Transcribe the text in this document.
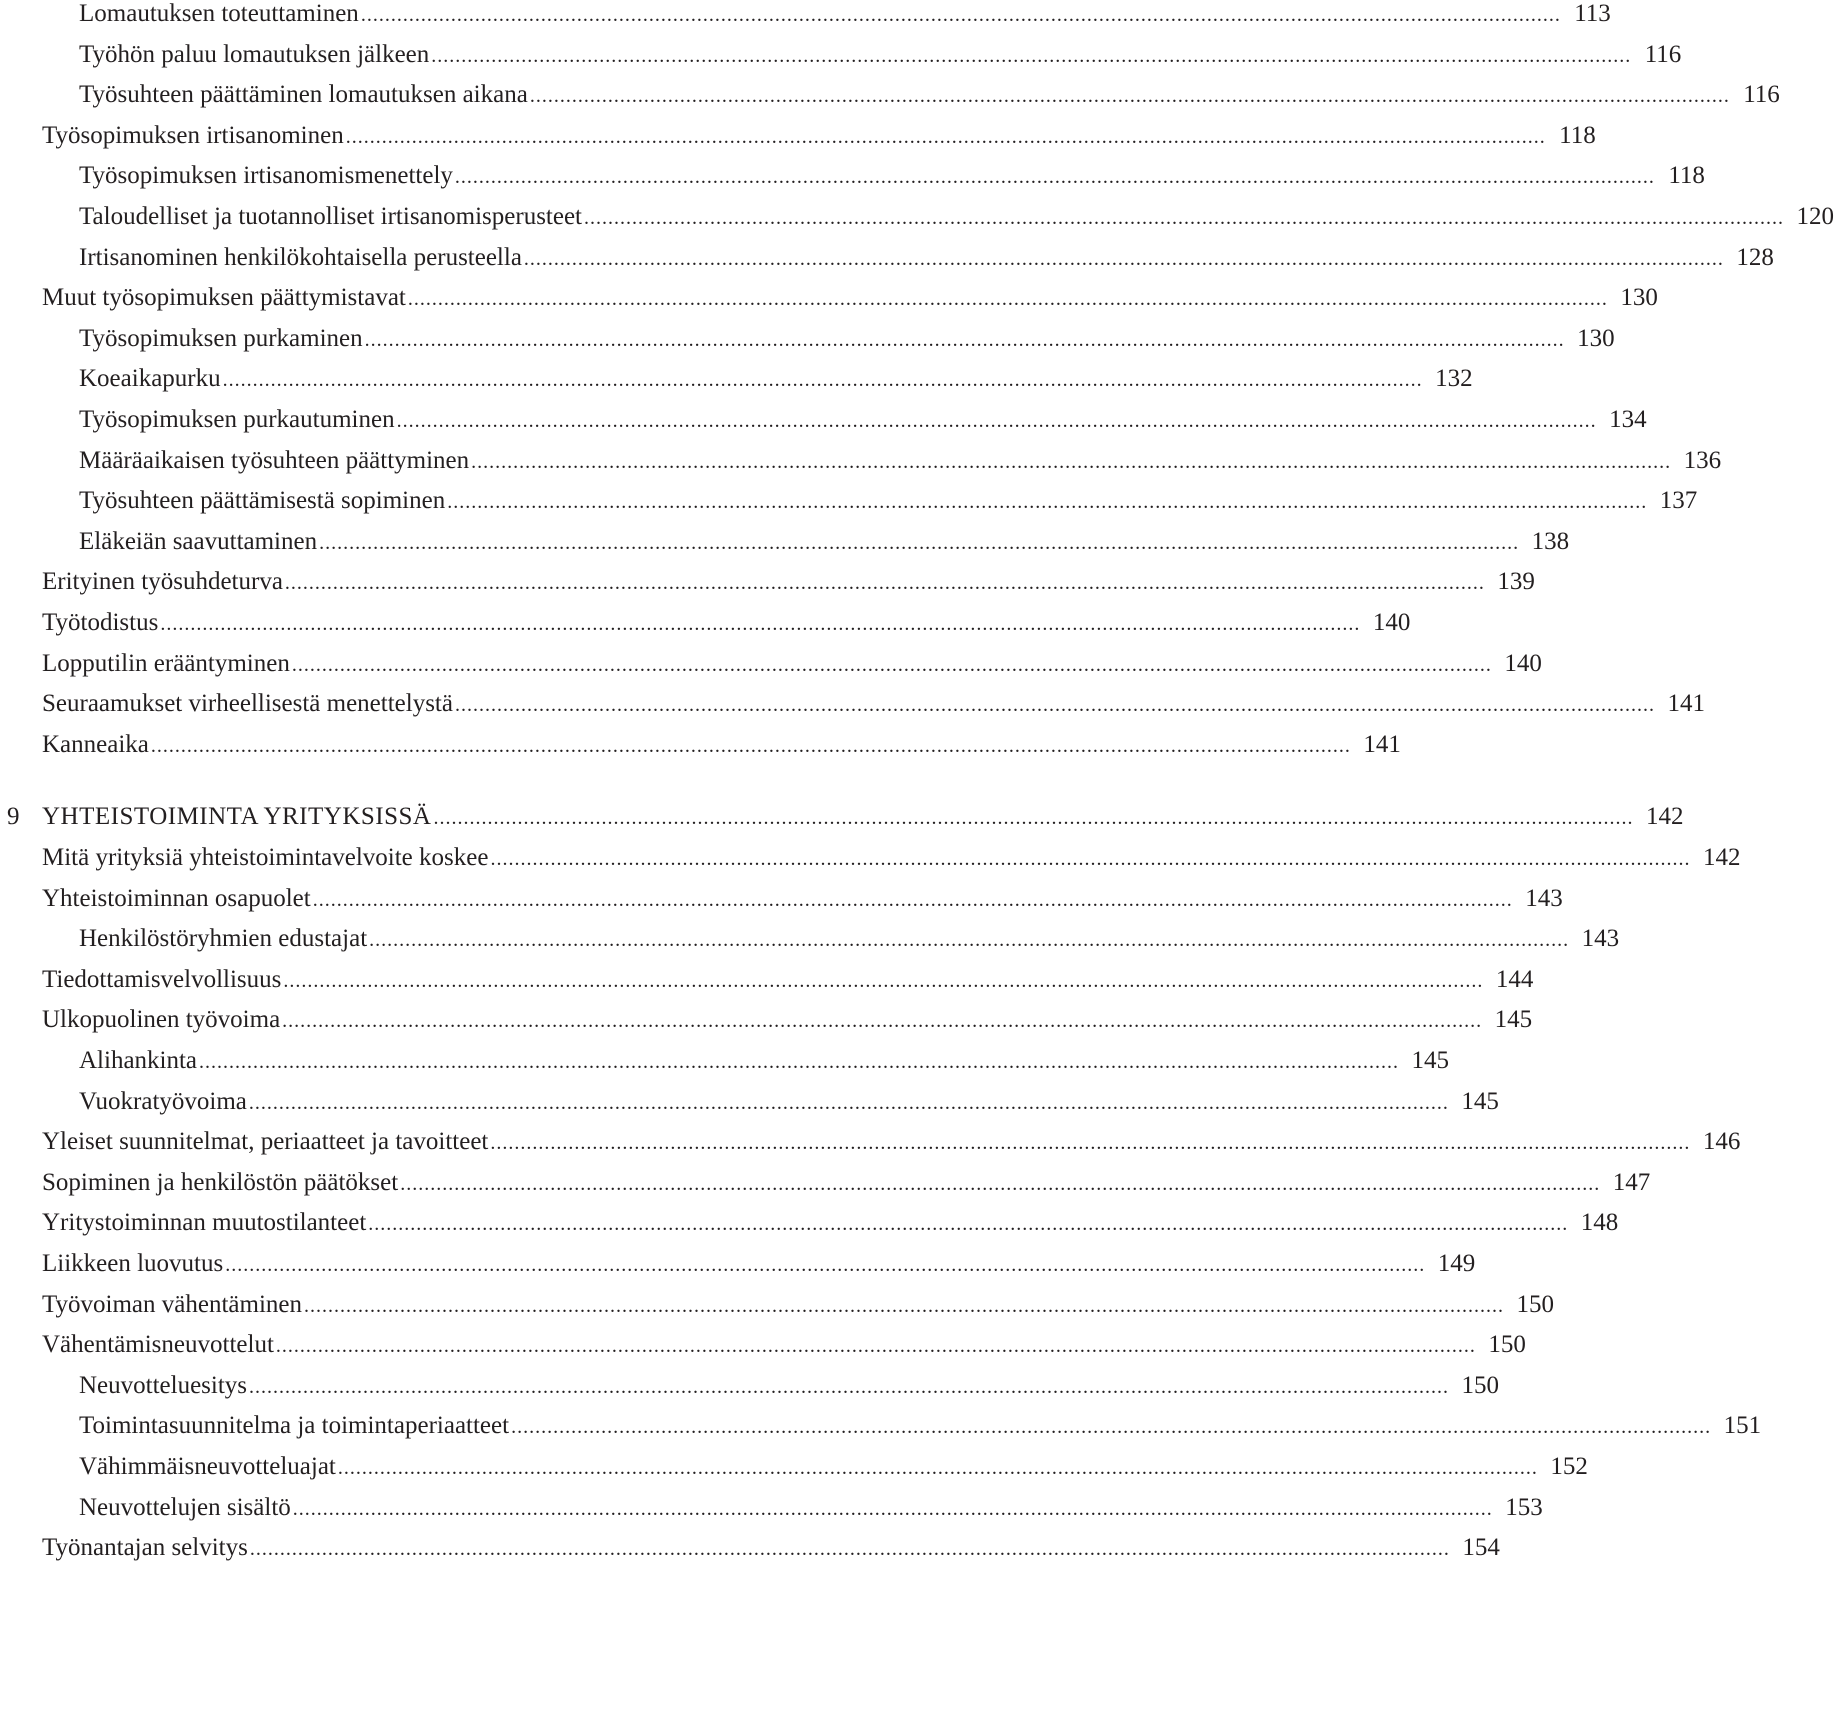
Lomautuksen toteuttaminen ........................................................................................................................................................................................................ 113
Työhön paluu lomautuksen jälkeen ........................................................................................................................................................................................................ 116
Työsuhteen päättäminen lomautuksen aikana ........................................................................................................................................................................................................ 116
Työsopimuksen irtisanominen ........................................................................................................................................................................................................ 118
Työsopimuksen irtisanomismenettely ........................................................................................................................................................................................................ 118
Taloudelliset ja tuotannolliset irtisanomisperusteet ........................................................................................................................................................................................................ 120
Irtisanominen henkilökohtaisella perusteella ........................................................................................................................................................................................................ 128
Muut työsopimuksen päättymistavat ........................................................................................................................................................................................................ 130
Työsopimuksen purkaminen ........................................................................................................................................................................................................ 130
Koeaikapurku ........................................................................................................................................................................................................ 132
Työsopimuksen purkautuminen ........................................................................................................................................................................................................ 134
Määräaikaisen työsuhteen päättyminen ........................................................................................................................................................................................................ 136
Työsuhteen päättämisestä sopiminen ........................................................................................................................................................................................................ 137
Eläkeiän saavuttaminen ........................................................................................................................................................................................................ 138
Erityinen työsuhdeturva ........................................................................................................................................................................................................ 139
Työtodistus ........................................................................................................................................................................................................ 140
Lopputilin erääntyminen ........................................................................................................................................................................................................ 140
Seuraamukset virheellisestä menettelystä ........................................................................................................................................................................................................ 141
Kanneaika ........................................................................................................................................................................................................ 141
9 YHTEISTOIMINTA YRITYKSISSÄ ........................................................................................................................................................................................................ 142
Mitä yrityksiä yhteistoimintavelvoite koskee ........................................................................................................................................................................................................ 142
Yhteistoiminnan osapuolet ........................................................................................................................................................................................................ 143
Henkilöstöryhmien edustajat ........................................................................................................................................................................................................ 143
Tiedottamisvelvollisuus ........................................................................................................................................................................................................ 144
Ulkopuolinen työvoima ........................................................................................................................................................................................................ 145
Alihankinta ........................................................................................................................................................................................................ 145
Vuokratyövoima ........................................................................................................................................................................................................ 145
Yleiset suunnitelmat, periaatteet ja tavoitteet ........................................................................................................................................................................................................ 146
Sopiminen ja henkilöstön päätökset ........................................................................................................................................................................................................ 147
Yritystoiminnan muutostilanteet ........................................................................................................................................................................................................ 148
Liikkeen luovutus ........................................................................................................................................................................................................ 149
Työvoiman vähentäminen ........................................................................................................................................................................................................ 150
Vähentämisneuvottelut ........................................................................................................................................................................................................ 150
Neuvotteluesitys ........................................................................................................................................................................................................ 150
Toimintasuunnitelma ja toimintaperiaatteet ........................................................................................................................................................................................................ 151
Vähimmäisneuvotteluajat ........................................................................................................................................................................................................ 152
Neuvottelujen sisältö ........................................................................................................................................................................................................ 153
Työnantajan selvitys ........................................................................................................................................................................................................ 154
